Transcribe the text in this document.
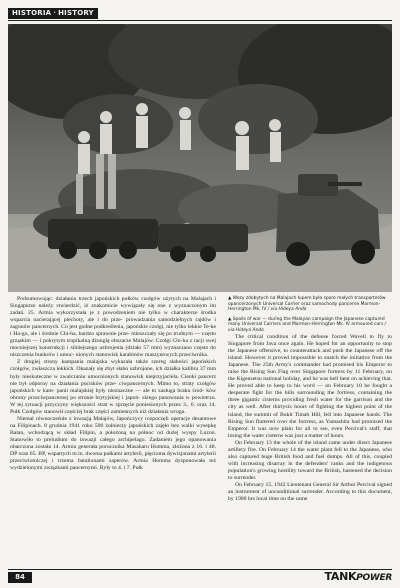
HISTORIA · HISTORY
▲ Wozy zdobytych na Malajach łupem było sporo małych transporterów opancerzonych Universal Carrier oraz samochody pancerne Marmon-Herrington Mk. IV / via Hideya Ando
▲ Spoils of war — during the Malayan campaign the Japanese captured many Universal Carriers and Marmon-Herrington Mk. IV armoured cars / via Hideya Ando

Podsumowując: działania trzech japońskich pułków czołgów użytych na Malajach i Singapurze należy stwierdzić, iż znakomicie wywiązały się one z wyznaczonym im zadań. 25. Armia wykorzystała je z powodzeniem nie tylko w charakterze środka wsparcia nacierającej piechoty, ale i do prze- prowadzania samodzielnych rajdów i zagonów pancernych. Co jest godne podkreślenia, japońskie czołgi, nie tylko lekkie Te-ke i Ha-go, ale i średnie Chi-ha, bardzo sprawnie prze- mieszczały się po trudnym — często grząskim — i pokrytym tropikalną dżunglą obszarze Malajów. Czołgi Chi-ha z racji swej mocniejszej konstrukcji i silniejszego uzbrojenia (działo 57 mm) wyznaczano często do niszczenia bunkrów i umoc- nionych stanowisk karabinów maszynowych przeciwnika.

Z drugiej strony kampania malajska wykazała także szereg słabości japońskich czołgów, zwłaszcza lekkich. Okazały się zbyt słabo uzbrojone, ich działka kalibru 37 mm były nieskuteczne w zwalczaniu umocnionych stanowisk nieprzyjaciela. Cienki pancerz nie był odporny na działania pocisków prze- ciwpancernych. Mimo to, straty czołgów japońskich w kam- panii malajskiej były nieznaczne — ale to zasługa braku środ- ków obrony przeciwpancernej po stronie brytyjskiej i japoń- skiego panowania w powietrzu. W tej sytuacji przyczyny większości strat w sprzęcie poniesionych przez 3., 6. oraz 14. Pułk Czołgów stanowił częściej brak części zamiennych niż działania wroga.

Niemal równocześnie z inwazją Malajów, Japończycy rozpoczęli operacje desantowe na Filipinach. 8 grudnia 1941 roku 500 żołnierzy japońskich zajęło bez walki wysepkę Batan, wchodzącą w skład Filipin, a położoną na północ od dużej wyspy Luzon. Stanowiło to preludium do inwazji całego archipelagu. Zadaniem jego opanowania obarczona została 14. Armia generała porucznika Masaharu Homma, złożona z 16. i 48. DP oraz 65. BP, wspartych m.in. dwoma pułkami artylerii, pięcioma dywizjonami artylerii przeciwlotniczej i trzema batalionami saperów. Armia Homma dysponowała też wydzielonymi związkami pancernymi. Były to 4. i 7. Pułk

The critical condition of the defense forced Wavell to fly to Singapore from Java once again. He hoped for an opportunity to stop the Japanese offensive, to counterattack and push the Japanese off the island. However it proved impossible to snatch the initiative from the Japanese. The 25th Army's commander had promised his Emperor to raise the Rising Sun Flag over Singapore fortress by 11 February, on the Kigensetsu national holiday, and he was hell bent on achieving that. He proved able to keep to his word — on February 10 he fought a desperate fight for the hills surrounding the fortress, containing the three gigantic cisterns providing fresh water for the garrison and the city as well. After thirtysix hours of fighting the highest point of the island, the summit of Bukit Timah Hill, fell into Japanese hands. The Rising Sun fluttered over the fortress, as Yamashita had promised the Emperor. It was now plain for all to see, even Percival's staff, that losing the water cisterns was just a matter of hours.

On February 13 the whole of the island came under direct Japanese artillery fire. On February 14 the water plant fell to the Japanese, who also captured huge British food and fuel dumps. All of this, coupled with increasing disarray in the defenders' ranks and the indigenous population's growing hostility toward the British, hastened the decision to surrender.

On February 15, 1942 Lieutenant General Sir Arthur Percival signed an instrument of unconditional surrender. According to this document, by 1900 hrs local time on the same

84	TANKPOWER
